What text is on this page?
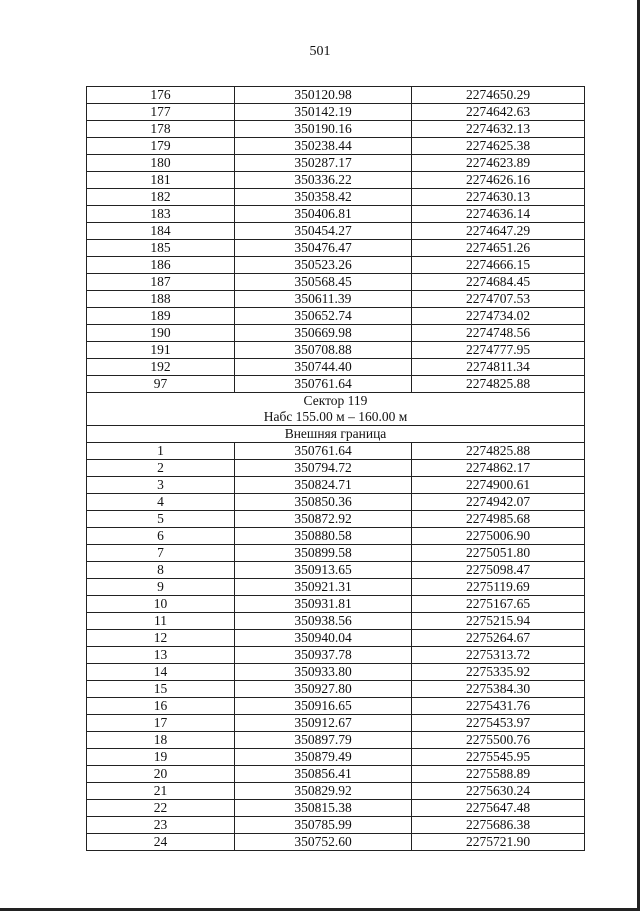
501
176	350120.98	2274650.29
177	350142.19	2274642.63
178	350190.16	2274632.13
179	350238.44	2274625.38
180	350287.17	2274623.89
181	350336.22	2274626.16
182	350358.42	2274630.13
183	350406.81	2274636.14
184	350454.27	2274647.29
185	350476.47	2274651.26
186	350523.26	2274666.15
187	350568.45	2274684.45
188	350611.39	2274707.53
189	350652.74	2274734.02
190	350669.98	2274748.56
191	350708.88	2274777.95
192	350744.40	2274811.34
97	350761.64	2274825.88
Сектор 119		
Набс 155.00 м – 160.00 м		
Внешняя граница		
1	350761.64	2274825.88
2	350794.72	2274862.17
3	350824.71	2274900.61
4	350850.36	2274942.07
5	350872.92	2274985.68
6	350880.58	2275006.90
7	350899.58	2275051.80
8	350913.65	2275098.47
9	350921.31	2275119.69
10	350931.81	2275167.65
11	350938.56	2275215.94
12	350940.04	2275264.67
13	350937.78	2275313.72
14	350933.80	2275335.92
15	350927.80	2275384.30
16	350916.65	2275431.76
17	350912.67	2275453.97
18	350897.79	2275500.76
19	350879.49	2275545.95
20	350856.41	2275588.89
21	350829.92	2275630.24
22	350815.38	2275647.48
23	350785.99	2275686.38
24	350752.60	2275721.90
